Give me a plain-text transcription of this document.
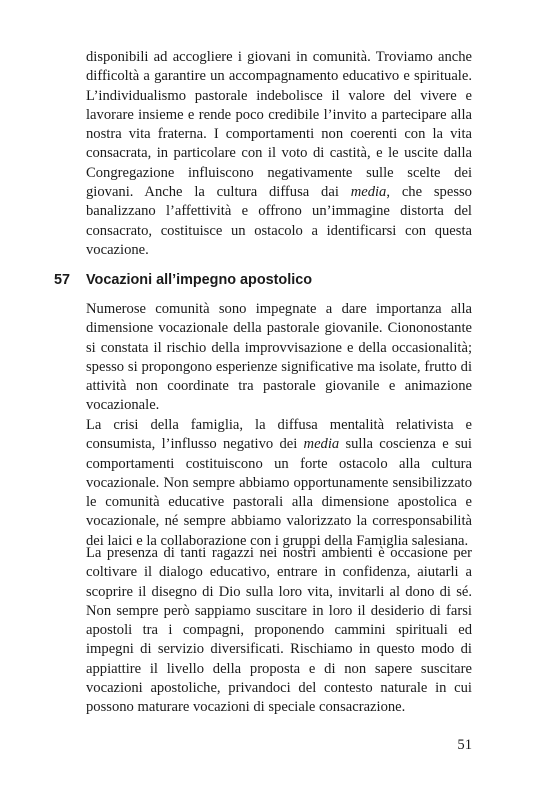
disponibili ad accogliere i giovani in comunità. Troviamo anche difficoltà a garantire un accompagnamento educativo e spirituale. L’individualismo pastorale indebolisce il valore del vivere e lavorare insieme e rende poco credibile l’invito a partecipare alla nostra vita fraterna. I comportamenti non coerenti con la vita consacrata, in particolare con il voto di castità, e le uscite dalla Congregazione influiscono negativamente sulle scelte dei giovani. Anche la cultura diffusa dai media, che spesso banalizzano l’affettività e offrono un’immagine distorta del consacrato, costituisce un ostacolo a identificarsi con questa vocazione.

57 Vocazioni all’impegno apostolico

Numerose comunità sono impegnate a dare importanza alla dimensione vocazionale della pastorale giovanile. Ciononostante si constata il rischio della improvvisazione e della occasionalità; spesso si propongono esperienze significative ma isolate, frutto di attività non coordinate tra pastorale giovanile e animazione vocazionale.

La crisi della famiglia, la diffusa mentalità relativista e consumista, l’influsso negativo dei media sulla coscienza e sui comportamenti costituiscono un forte ostacolo alla cultura vocazionale. Non sempre abbiamo opportunamente sensibilizzato le comunità educative pastorali alla dimensione apostolica e vocazionale, né sempre abbiamo valorizzato la corresponsabilità dei laici e la collaborazione con i gruppi della Famiglia salesiana.

La presenza di tanti ragazzi nei nostri ambienti è occasione per coltivare il dialogo educativo, entrare in confidenza, aiutarli a scoprire il disegno di Dio sulla loro vita, invitarli al dono di sé. Non sempre però sappiamo suscitare in loro il desiderio di farsi apostoli tra i compagni, proponendo cammini spirituali ed impegni di servizio diversificati. Rischiamo in questo modo di appiattire il livello della proposta e di non sapere suscitare vocazioni apostoliche, privandoci del contesto naturale in cui possono maturare vocazioni di speciale consacrazione.

51
